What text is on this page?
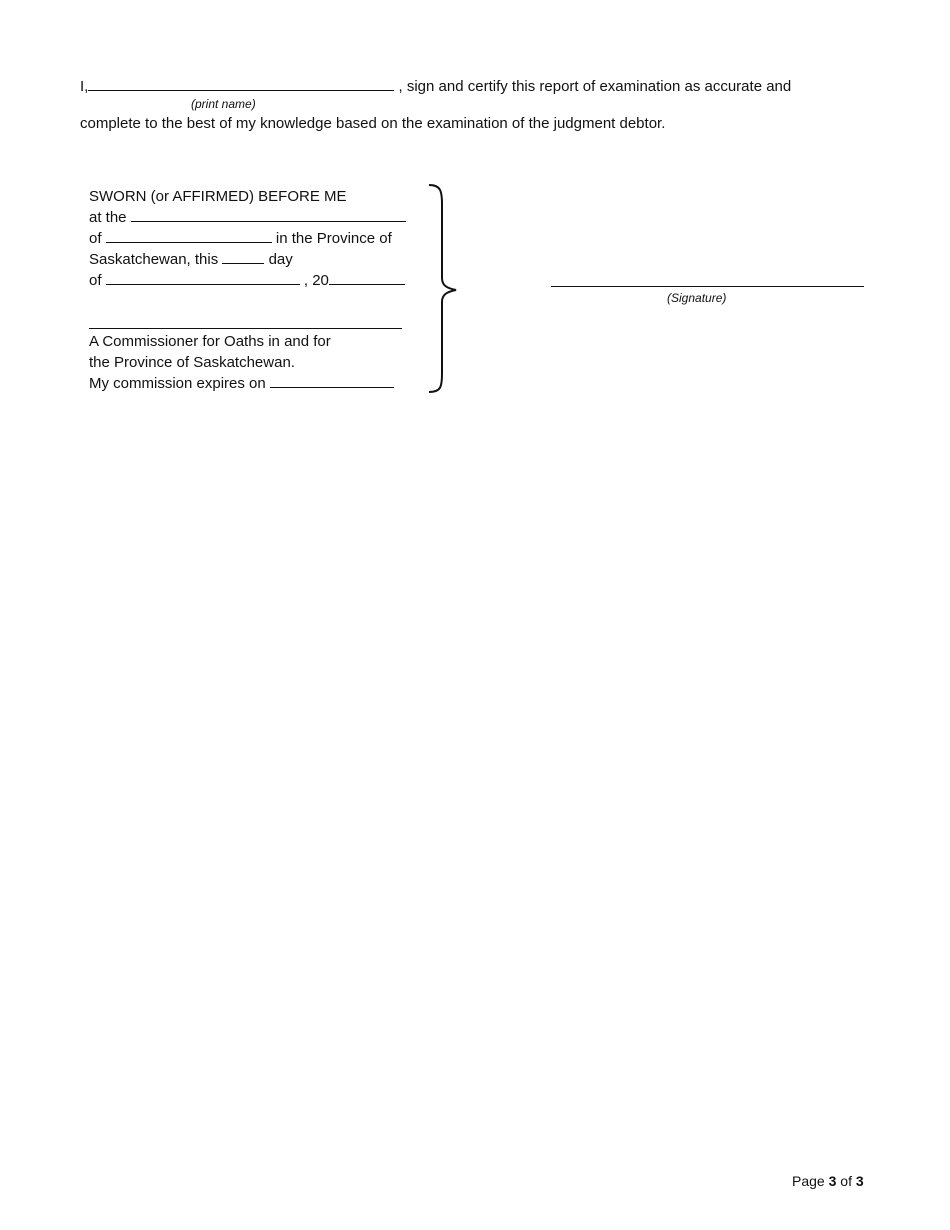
I,	, sign and certify this report of examination as accurate and
(print name)
complete to the best of my knowledge based on the examination of the judgment debtor.
SWORN (or AFFIRMED) BEFORE ME
at the
of	in the Province of
Saskatchewan, this	day
of	, 20
A Commissioner for Oaths in and for
the Province of Saskatchewan.
My commission expires on
(Signature)
Page 3 of 3
